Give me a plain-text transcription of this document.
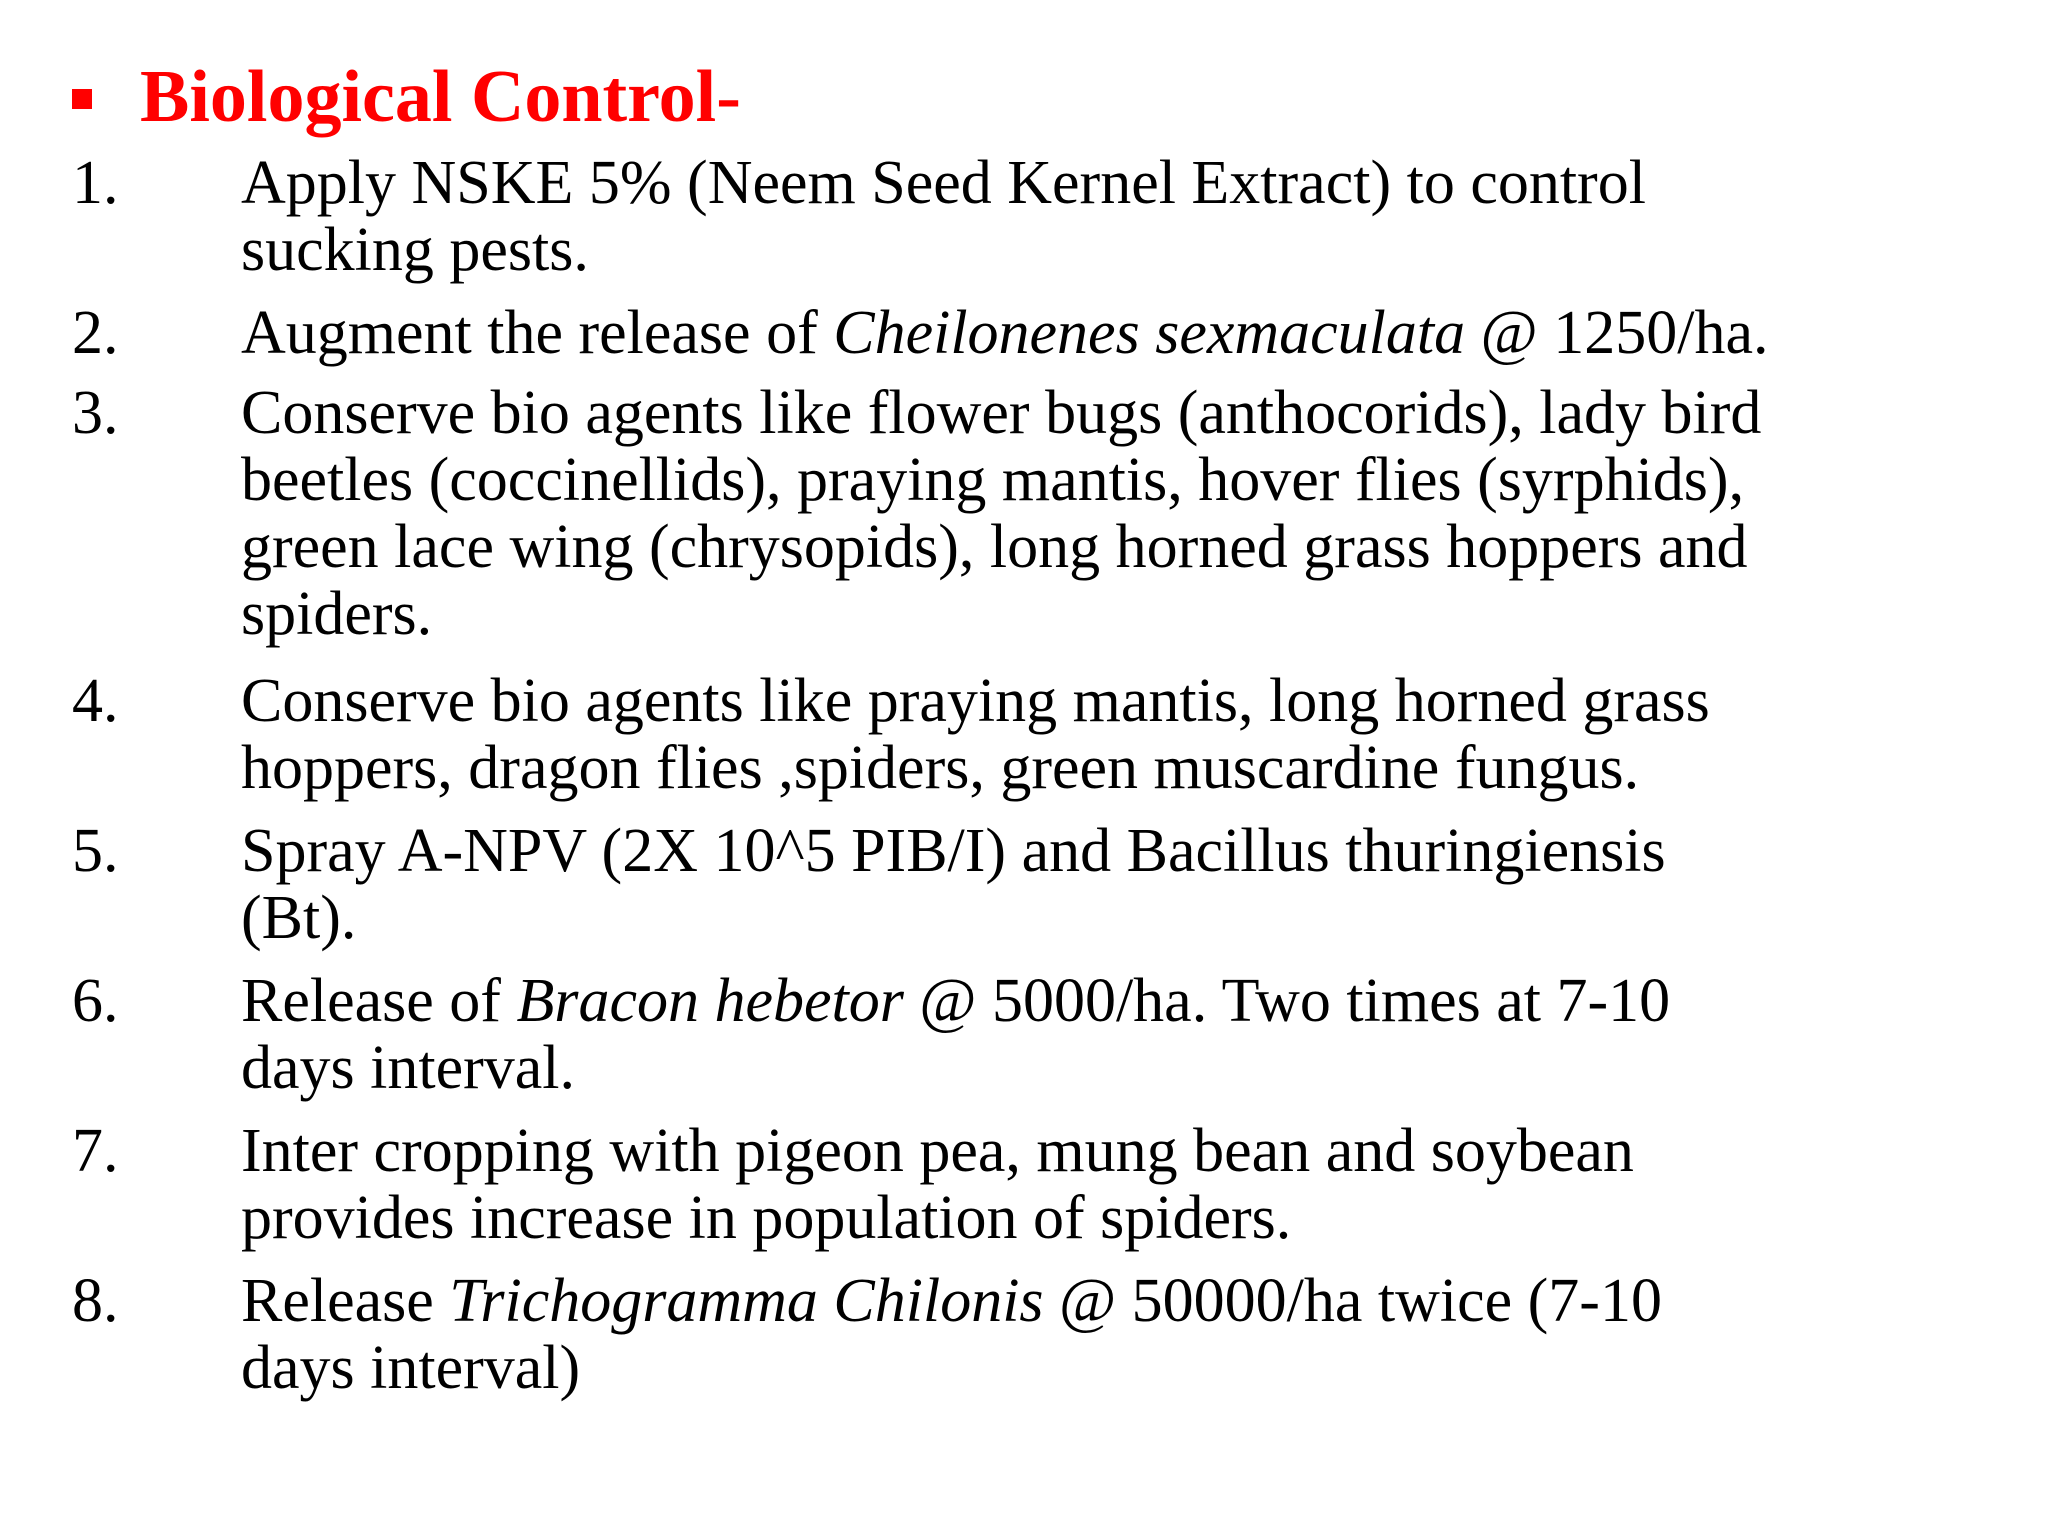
Biological Control-
1. Apply NSKE 5% (Neem Seed Kernel Extract) to control
sucking pests.
2. Augment the release of Cheilonenes sexmaculata @ 1250/ha.
3. Conserve bio agents like flower bugs (anthocorids), lady bird
beetles (coccinellids), praying mantis, hover flies (syrphids),
green lace wing (chrysopids), long horned grass hoppers and
spiders.
4. Conserve bio agents like praying mantis, long horned grass
hoppers, dragon flies ,spiders, green muscardine fungus.
5. Spray A-NPV (2X 10^5 PIB/I) and Bacillus thuringiensis
(Bt).
6. Release of Bracon hebetor @ 5000/ha. Two times at 7-10
days interval.
7. Inter cropping with pigeon pea, mung bean and soybean
provides increase in population of spiders.
8. Release Trichogramma Chilonis @ 50000/ha twice (7-10
days interval)
